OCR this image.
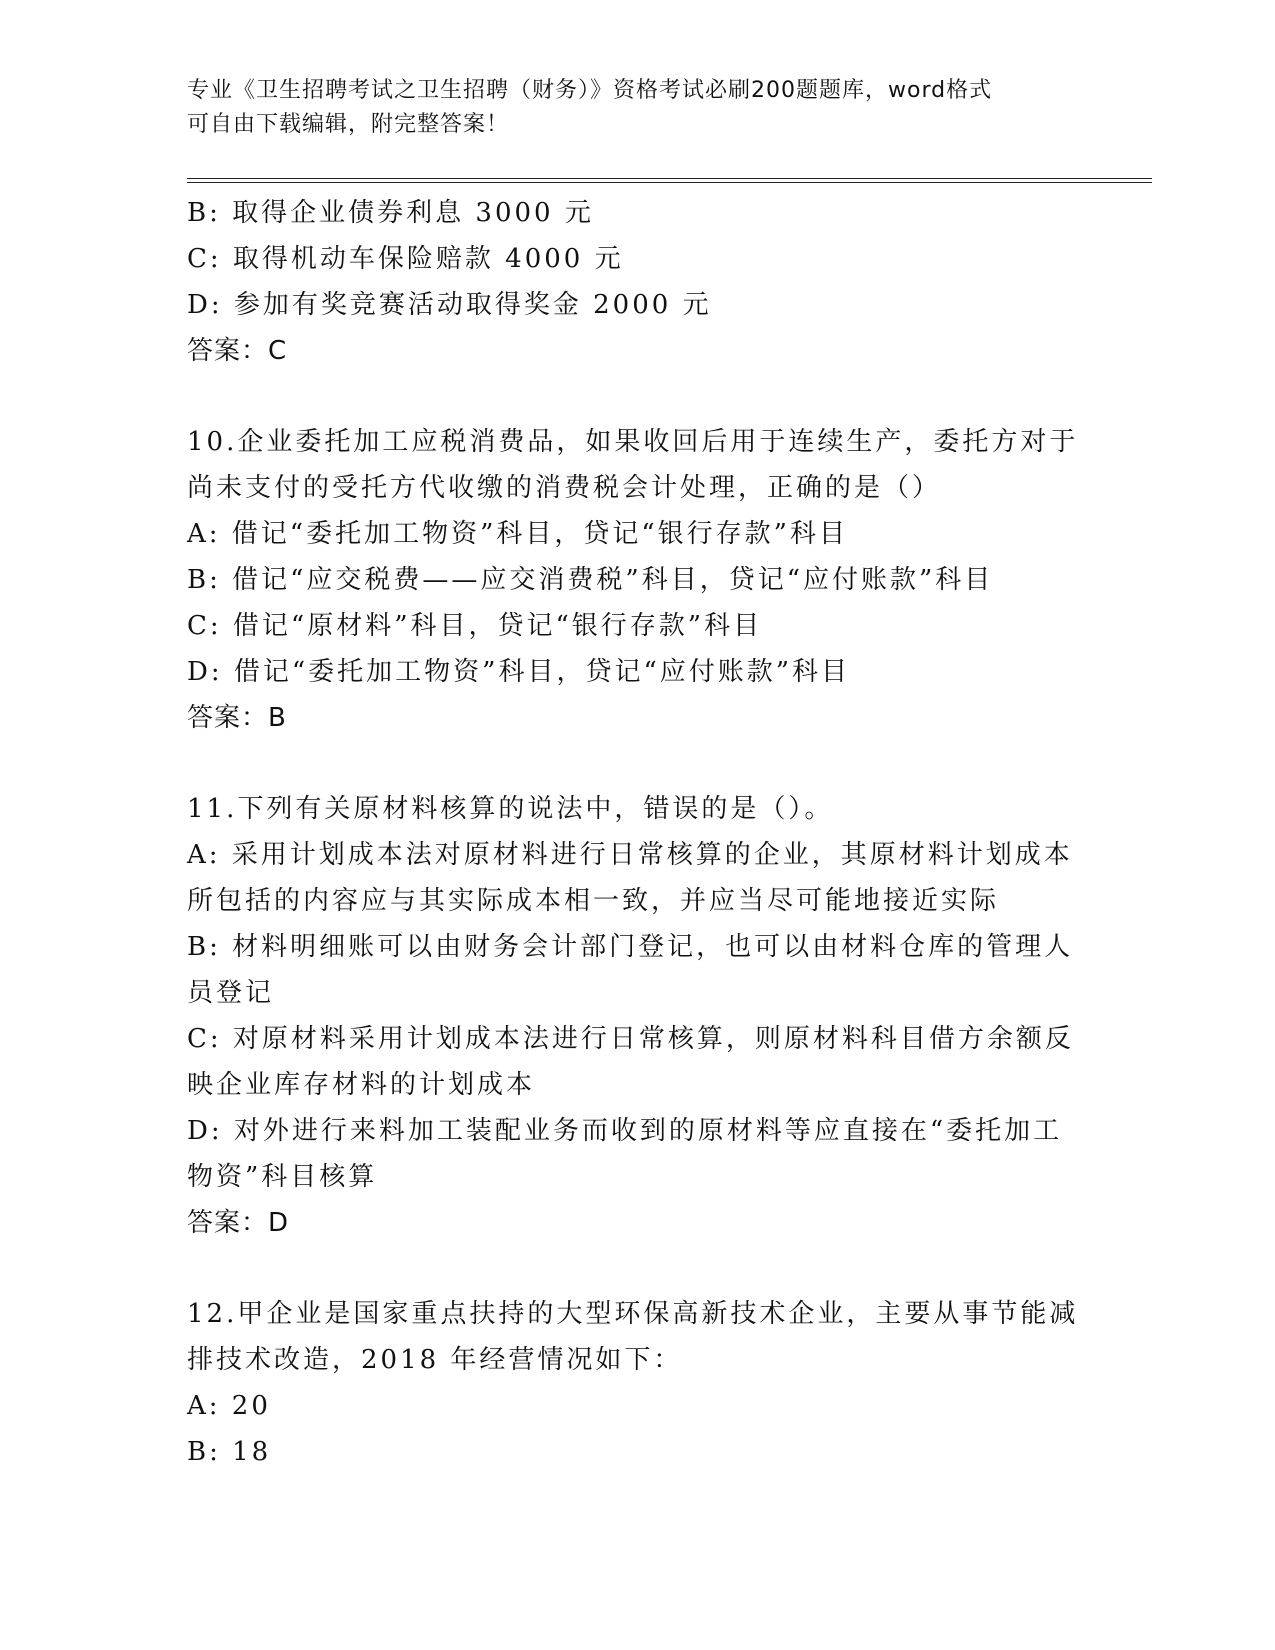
专业《卫生招聘考试之卫生招聘（财务）》资格考试必刷200题题库，word格式
可自由下载编辑，附完整答案！
B: 取得企业债券利息 3000 元
C: 取得机动车保险赔款 4000 元
D: 参加有奖竞赛活动取得奖金 2000 元
答案：C
10.企业委托加工应税消费品，如果收回后用于连续生产，委托方对于
尚未支付的受托方代收缴的消费税会计处理，正确的是（）
A: 借记“委托加工物资”科目，贷记“银行存款”科目
B: 借记“应交税费——应交消费税”科目，贷记“应付账款”科目
C: 借记“原材料”科目，贷记“银行存款”科目
D: 借记“委托加工物资”科目，贷记“应付账款”科目
答案：B
11.下列有关原材料核算的说法中，错误的是（）。
A: 采用计划成本法对原材料进行日常核算的企业，其原材料计划成本
所包括的内容应与其实际成本相一致，并应当尽可能地接近实际
B: 材料明细账可以由财务会计部门登记，也可以由材料仓库的管理人
员登记
C: 对原材料采用计划成本法进行日常核算，则原材料科目借方余额反
映企业库存材料的计划成本
D: 对外进行来料加工装配业务而收到的原材料等应直接在“委托加工
物资”科目核算
答案：D
12.甲企业是国家重点扶持的大型环保高新技术企业，主要从事节能减
排技术改造，2018 年经营情况如下：
A: 20
B: 18
